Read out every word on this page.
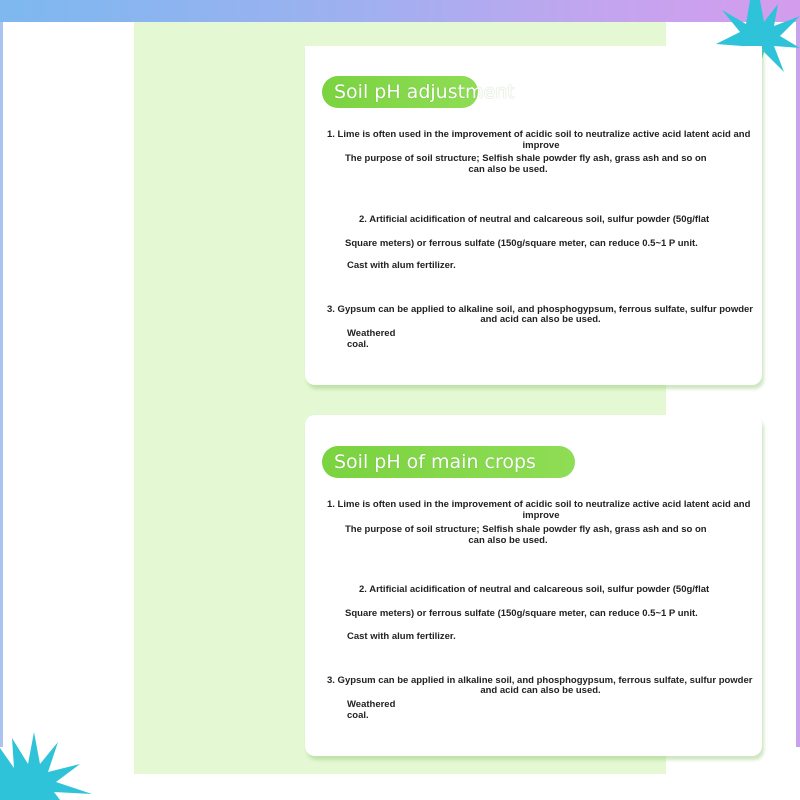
Soil pH adjustment
1. Lime is often used in the improvement of acidic soil to neutralize active acid latent acid and
improve
The purpose of soil structure; Selfish shale powder fly ash, grass ash and so on
can also be used.
2. Artificial acidification of neutral and calcareous soil, sulfur powder (50g/flat
Square meters) or ferrous sulfate (150g/square meter, can reduce 0.5~1 P unit.
Cast with alum fertilizer.
3. Gypsum can be applied to alkaline soil, and phosphogypsum, ferrous sulfate, sulfur powder
and acid can also be used.
Weathered
coal.
Soil pH of main crops
1. Lime is often used in the improvement of acidic soil to neutralize active acid latent acid and
improve
The purpose of soil structure; Selfish shale powder fly ash, grass ash and so on
can also be used.
2. Artificial acidification of neutral and calcareous soil, sulfur powder (50g/flat
Square meters) or ferrous sulfate (150g/square meter, can reduce 0.5~1 P unit.
Cast with alum fertilizer.
3. Gypsum can be applied in alkaline soil, and phosphogypsum, ferrous sulfate, sulfur powder
and acid can also be used.
Weathered
coal.
